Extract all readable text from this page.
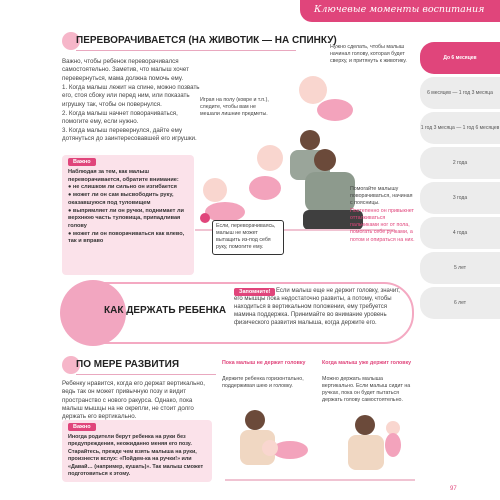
Ключевые моменты воспитания
До 6 месяцев
6 месяцев — 1 год 3 месяца
1 год 3 месяца — 1 год 6 месяцев
2 года
3 года
4 года
5 лет
6 лет
ПЕРЕВОРАЧИВАЕТСЯ (НА ЖИВОТИК — НА СПИНКУ)
Важно, чтобы ребенок переворачивался самостоятельно. Заметив, что малыш хочет перевернуться, мама должна помочь ему.
1. Когда малыш лежит на спине, можно позвать его, стоя сбоку или перед ним, или показать игрушку так, чтобы он повернулся.
2. Когда малыш начнет поворачиваться, помогите ему, если нужно.
3. Когда малыш перевернулся, дайте ему дотянуться до заинтересовавшей его игрушки.
Важно
Наблюдая за тем, как малыш переворачивается, обратите внимание:
● не слишком ли сильно он изгибается
● может ли он сам высвободить руку, оказавшуюся под туловищем
● выпрямляет ли он ручки, поднимает ли верхнюю часть туловища, припадливая голову
● может ли он поворачиваться как влево, так и вправо
Нужно сделать, чтобы малыш начинал голову, которая будет сверху, и притянуть к животику.
Играя на полу (ковре и т.п.), следите, чтобы вам не мешали лишние предметы.
Если, переворачиваясь, малыш не может вытащить из-под себя руку, помогите ему.
Помогайте малышу поворачиваться, начиная с поясницы.
Постепенно он привыкнет отталкиваться пальчиками ног от пола, помогать себе ручками, а потом и опираться на них.
КАК ДЕРЖАТЬ РЕБЕНКА
Запомните! Если малыш еще не держит головку, значит, его мышцы пока недостаточно развиты, а потому, чтобы находиться в вертикальном положении, ему требуется мамина поддержка. Принимайте во внимание уровень физического развития малыша, когда держите его.
ПО МЕРЕ РАЗВИТИЯ
Ребенку нравится, когда его держат вертикально, ведь так он может привычную позу и видит пространство с нового ракурса. Однако, пока малыш мышцы на не окрепли, не стоит долго держать его вертикально.
Важно
Иногда родители берут ребенка на руки без предупреждения, неожиданно меняя его позу. Старайтесь, прежде чем взять малыша на руки, произнести вслух: «Пойдем-ка на ручки!» или «Давай… (например, кушать)». Так малыш сможет подготовиться к этому.
Пока малыш не держит головку
Держите ребенка горизонтально, поддерживая шею и головку.
Когда малыш уже держит головку
Можно держать малыша вертикально. Если малыш сидит на ручках, пока он будет пытаться держать голову самостоятельно.
97
